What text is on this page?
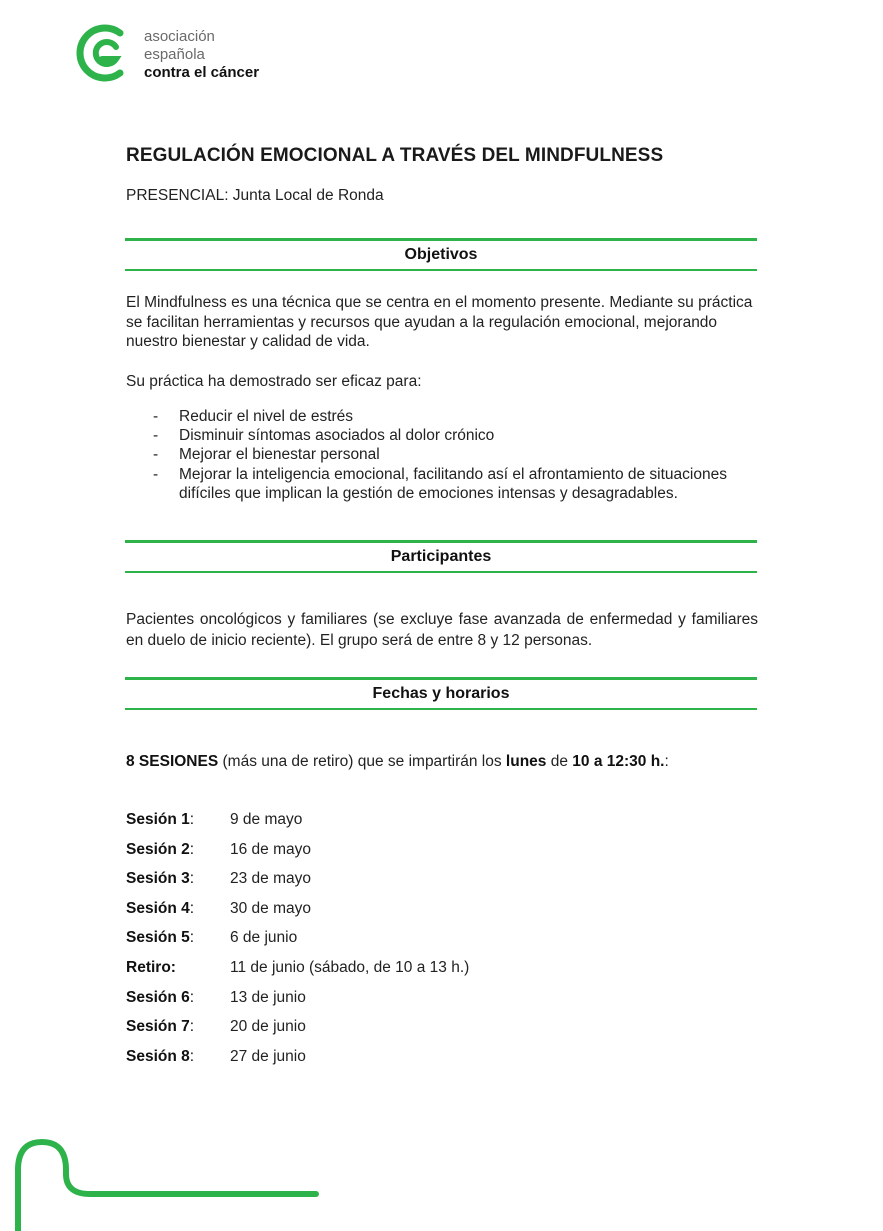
asociación
española
contra el cáncer
REGULACIÓN EMOCIONAL A TRAVÉS DEL MINDFULNESS
PRESENCIAL: Junta Local de Ronda
Objetivos
El Mindfulness es una técnica que se centra en el momento presente. Mediante su práctica se facilitan herramientas y recursos que ayudan a la regulación emocional, mejorando nuestro bienestar y calidad de vida.
Su práctica ha demostrado ser eficaz para:
- Reducir el nivel de estrés
- Disminuir síntomas asociados al dolor crónico
- Mejorar el bienestar personal
- Mejorar la inteligencia emocional, facilitando así el afrontamiento de situaciones difíciles que implican la gestión de emociones intensas y desagradables.
Participantes
Pacientes oncológicos y familiares (se excluye fase avanzada de enfermedad y familiares en duelo de inicio reciente). El grupo será de entre 8 y 12 personas.
Fechas y horarios
8 SESIONES (más una de retiro) que se impartirán los lunes de 10 a 12:30 h.:
Sesión 1:	9 de mayo
Sesión 2:	16 de mayo
Sesión 3:	23 de mayo
Sesión 4:	30 de mayo
Sesión 5:	6 de junio
Retiro:	11 de junio (sábado, de 10 a 13 h.)
Sesión 6:	13 de junio
Sesión 7:	20 de junio
Sesión 8:	27 de junio
